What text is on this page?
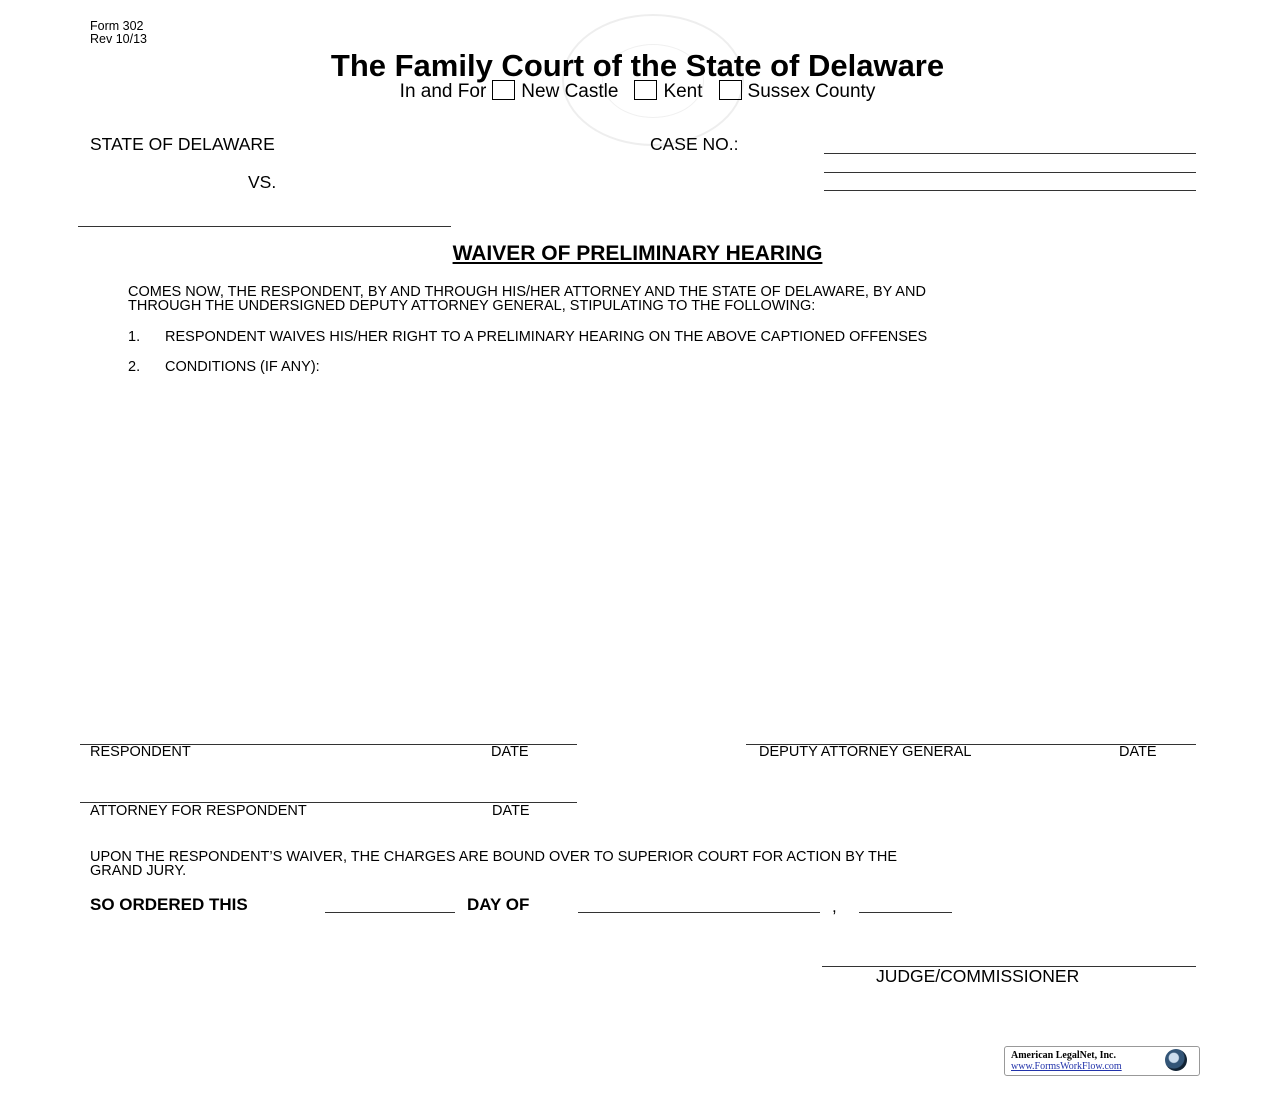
Form 302
Rev 10/13
The Family Court of the State of Delaware
In and For New Castle Kent Sussex County
STATE OF DELAWARE
VS.
CASE NO.:
WAIVER OF PRELIMINARY HEARING
COMES NOW, THE RESPONDENT, BY AND THROUGH HIS/HER ATTORNEY AND THE STATE OF DELAWARE, BY AND
THROUGH THE UNDERSIGNED DEPUTY ATTORNEY GENERAL, STIPULATING TO THE FOLLOWING:
1. RESPONDENT WAIVES HIS/HER RIGHT TO A PRELIMINARY HEARING ON THE ABOVE CAPTIONED OFFENSES
2. CONDITIONS (IF ANY):
RESPONDENT	DATE	DEPUTY ATTORNEY GENERAL	DATE
ATTORNEY FOR RESPONDENT	DATE
UPON THE RESPONDENT’S WAIVER, THE CHARGES ARE BOUND OVER TO SUPERIOR COURT FOR ACTION BY THE
GRAND JURY.
SO ORDERED THIS	DAY OF	,
JUDGE/COMMISSIONER
American LegalNet, Inc.
www.FormsWorkFlow.com
